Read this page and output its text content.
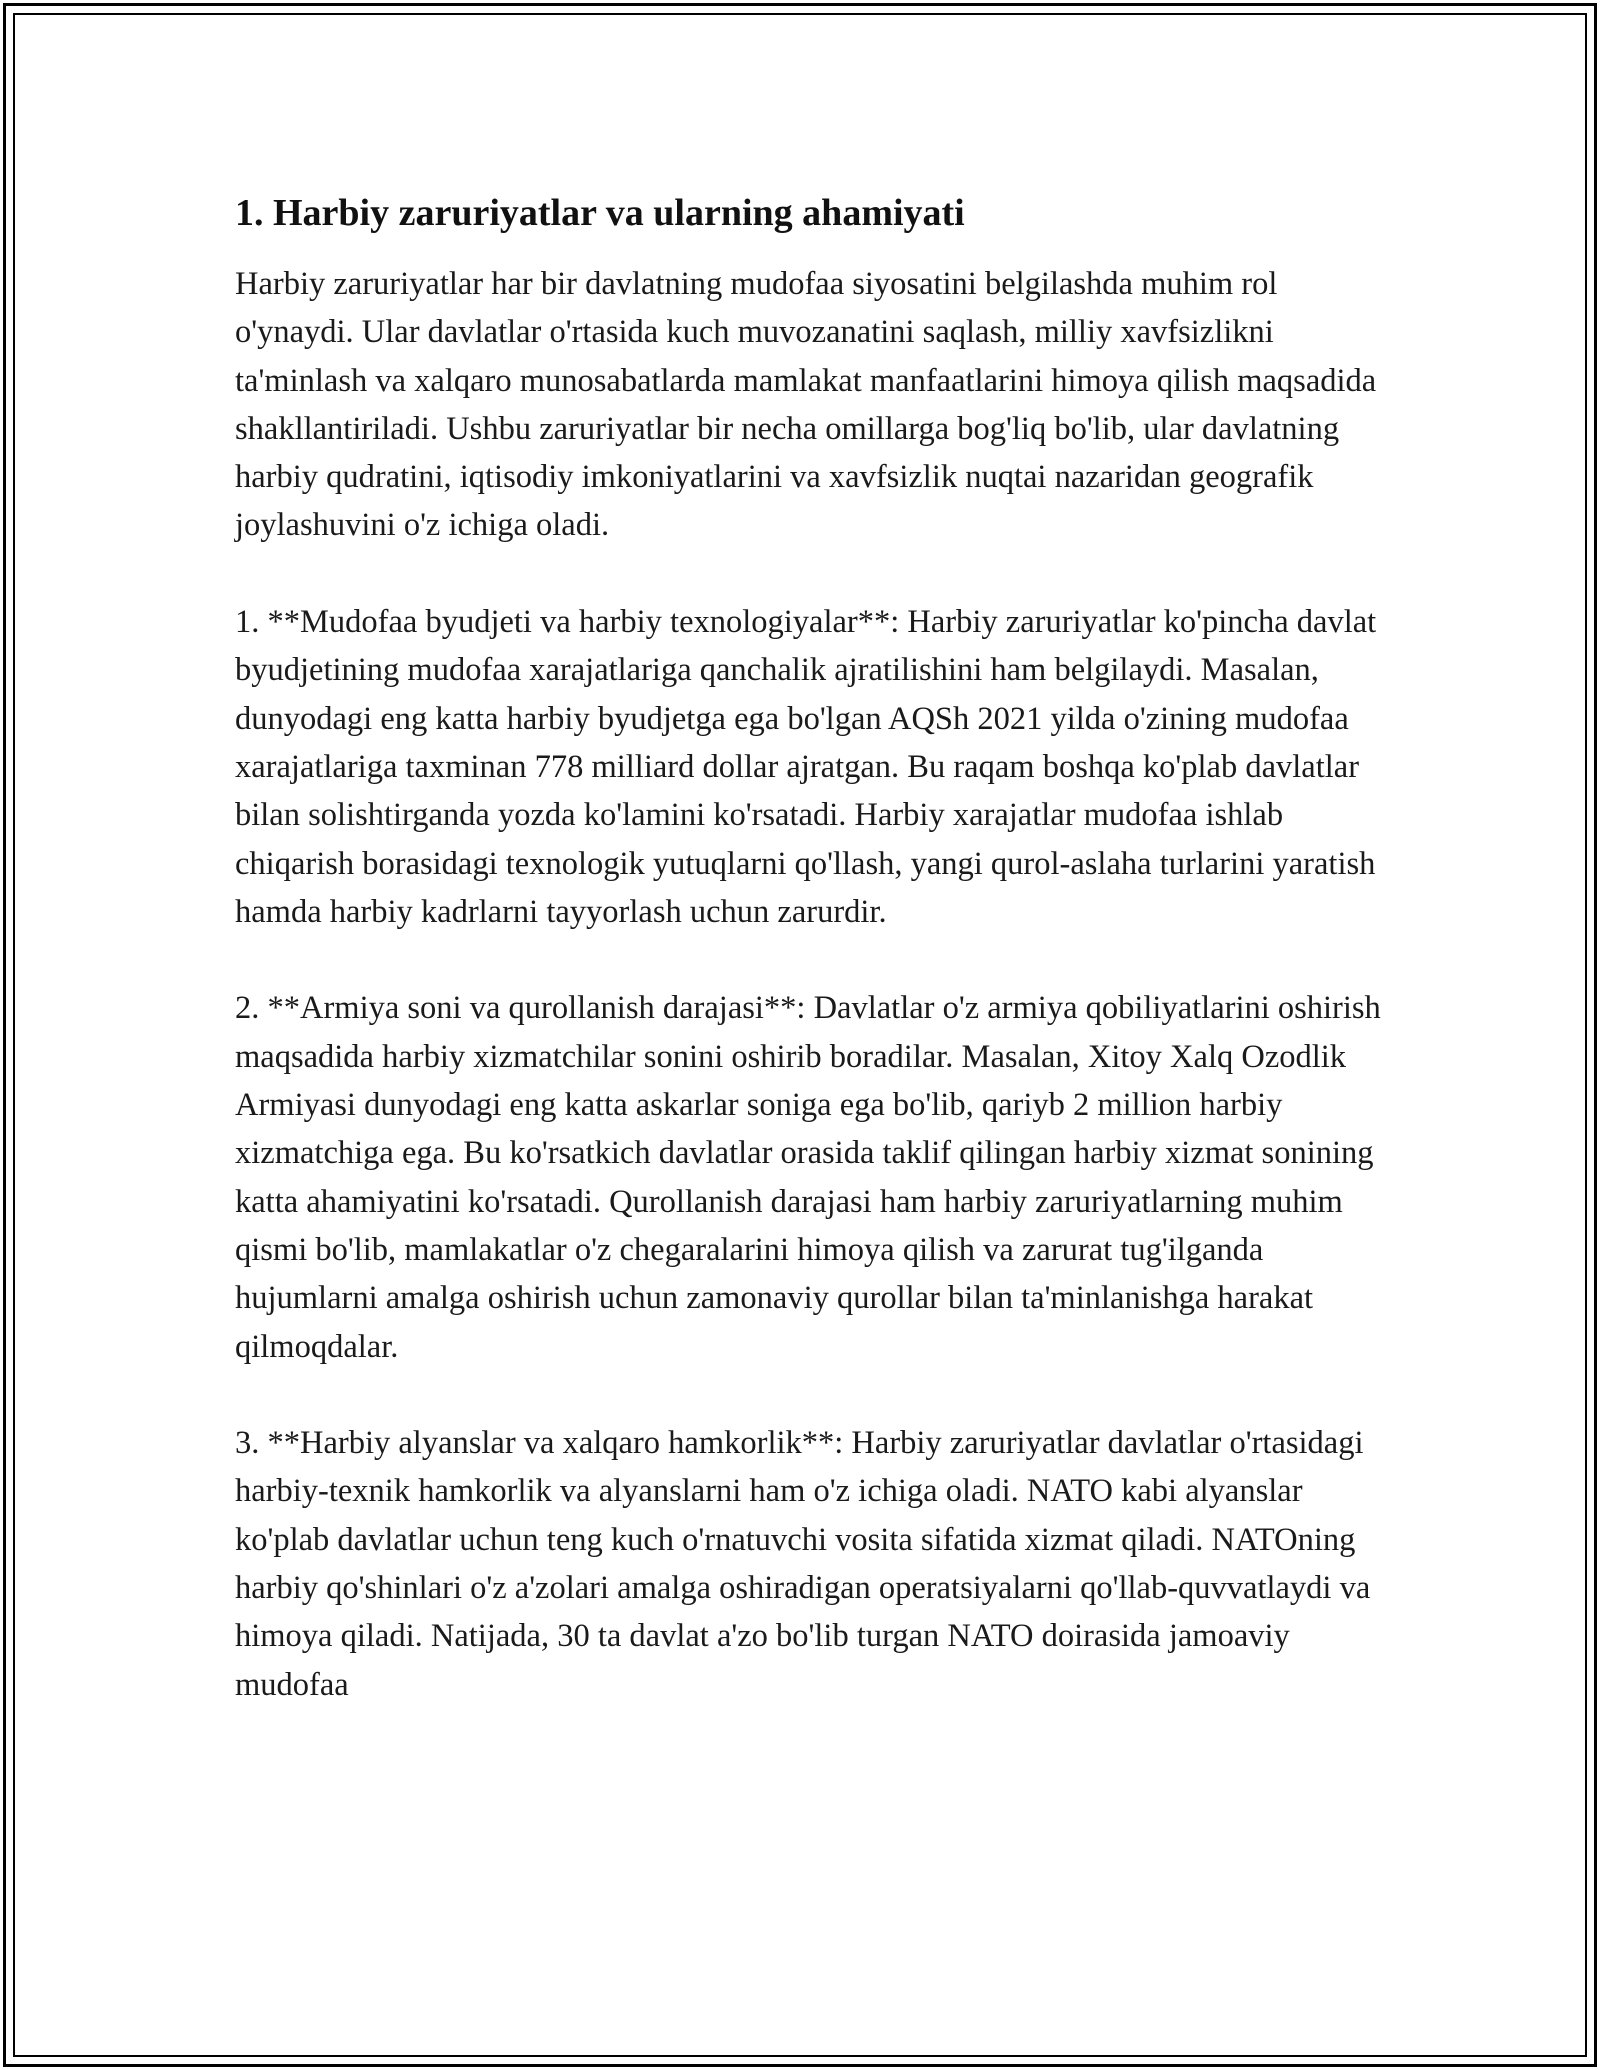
1. Harbiy zaruriyatlar va ularning ahamiyati

Harbiy zaruriyatlar har bir davlatning mudofaa siyosatini belgilashda muhim rol o'ynaydi. Ular davlatlar o'rtasida kuch muvozanatini saqlash, milliy xavfsizlikni ta'minlash va xalqaro munosabatlarda mamlakat manfaatlarini himoya qilish maqsadida shakllantiriladi. Ushbu zaruriyatlar bir necha omillarga bog'liq bo'lib, ular davlatning harbiy qudratini, iqtisodiy imkoniyatlarini va xavfsizlik nuqtai nazaridan geografik joylashuvini o'z ichiga oladi.

1. **Mudofaa byudjeti va harbiy texnologiyalar**: Harbiy zaruriyatlar ko'pincha davlat byudjetining mudofaa xarajatlariga qanchalik ajratilishini ham belgilaydi. Masalan, dunyodagi eng katta harbiy byudjetga ega bo'lgan AQSh 2021 yilda o'zining mudofaa xarajatlariga taxminan 778 milliard dollar ajratgan. Bu raqam boshqa ko'plab davlatlar bilan solishtirganda yozda ko'lamini ko'rsatadi. Harbiy xarajatlar mudofaa ishlab chiqarish borasidagi texnologik yutuqlarni qo'llash, yangi qurol-aslaha turlarini yaratish hamda harbiy kadrlarni tayyorlash uchun zarurdir.

2. **Armiya soni va qurollanish darajasi**: Davlatlar o'z armiya qobiliyatlarini oshirish maqsadida harbiy xizmatchilar sonini oshirib boradilar. Masalan, Xitoy Xalq Ozodlik Armiyasi dunyodagi eng katta askarlar soniga ega bo'lib, qariyb 2 million harbiy xizmatchiga ega. Bu ko'rsatkich davlatlar orasida taklif qilingan harbiy xizmat sonining katta ahamiyatini ko'rsatadi. Qurollanish darajasi ham harbiy zaruriyatlarning muhim qismi bo'lib, mamlakatlar o'z chegaralarini himoya qilish va zarurat tug'ilganda hujumlarni amalga oshirish uchun zamonaviy qurollar bilan ta'minlanishga harakat qilmoqdalar.

3. **Harbiy alyanslar va xalqaro hamkorlik**: Harbiy zaruriyatlar davlatlar o'rtasidagi harbiy-texnik hamkorlik va alyanslarni ham o'z ichiga oladi. NATO kabi alyanslar ko'plab davlatlar uchun teng kuch o'rnatuvchi vosita sifatida xizmat qiladi. NATOning harbiy qo'shinlari o'z a'zolari amalga oshiradigan operatsiyalarni qo'llab-quvvatlaydi va himoya qiladi. Natijada, 30 ta davlat a'zo bo'lib turgan NATO doirasida jamoaviy mudofaa
